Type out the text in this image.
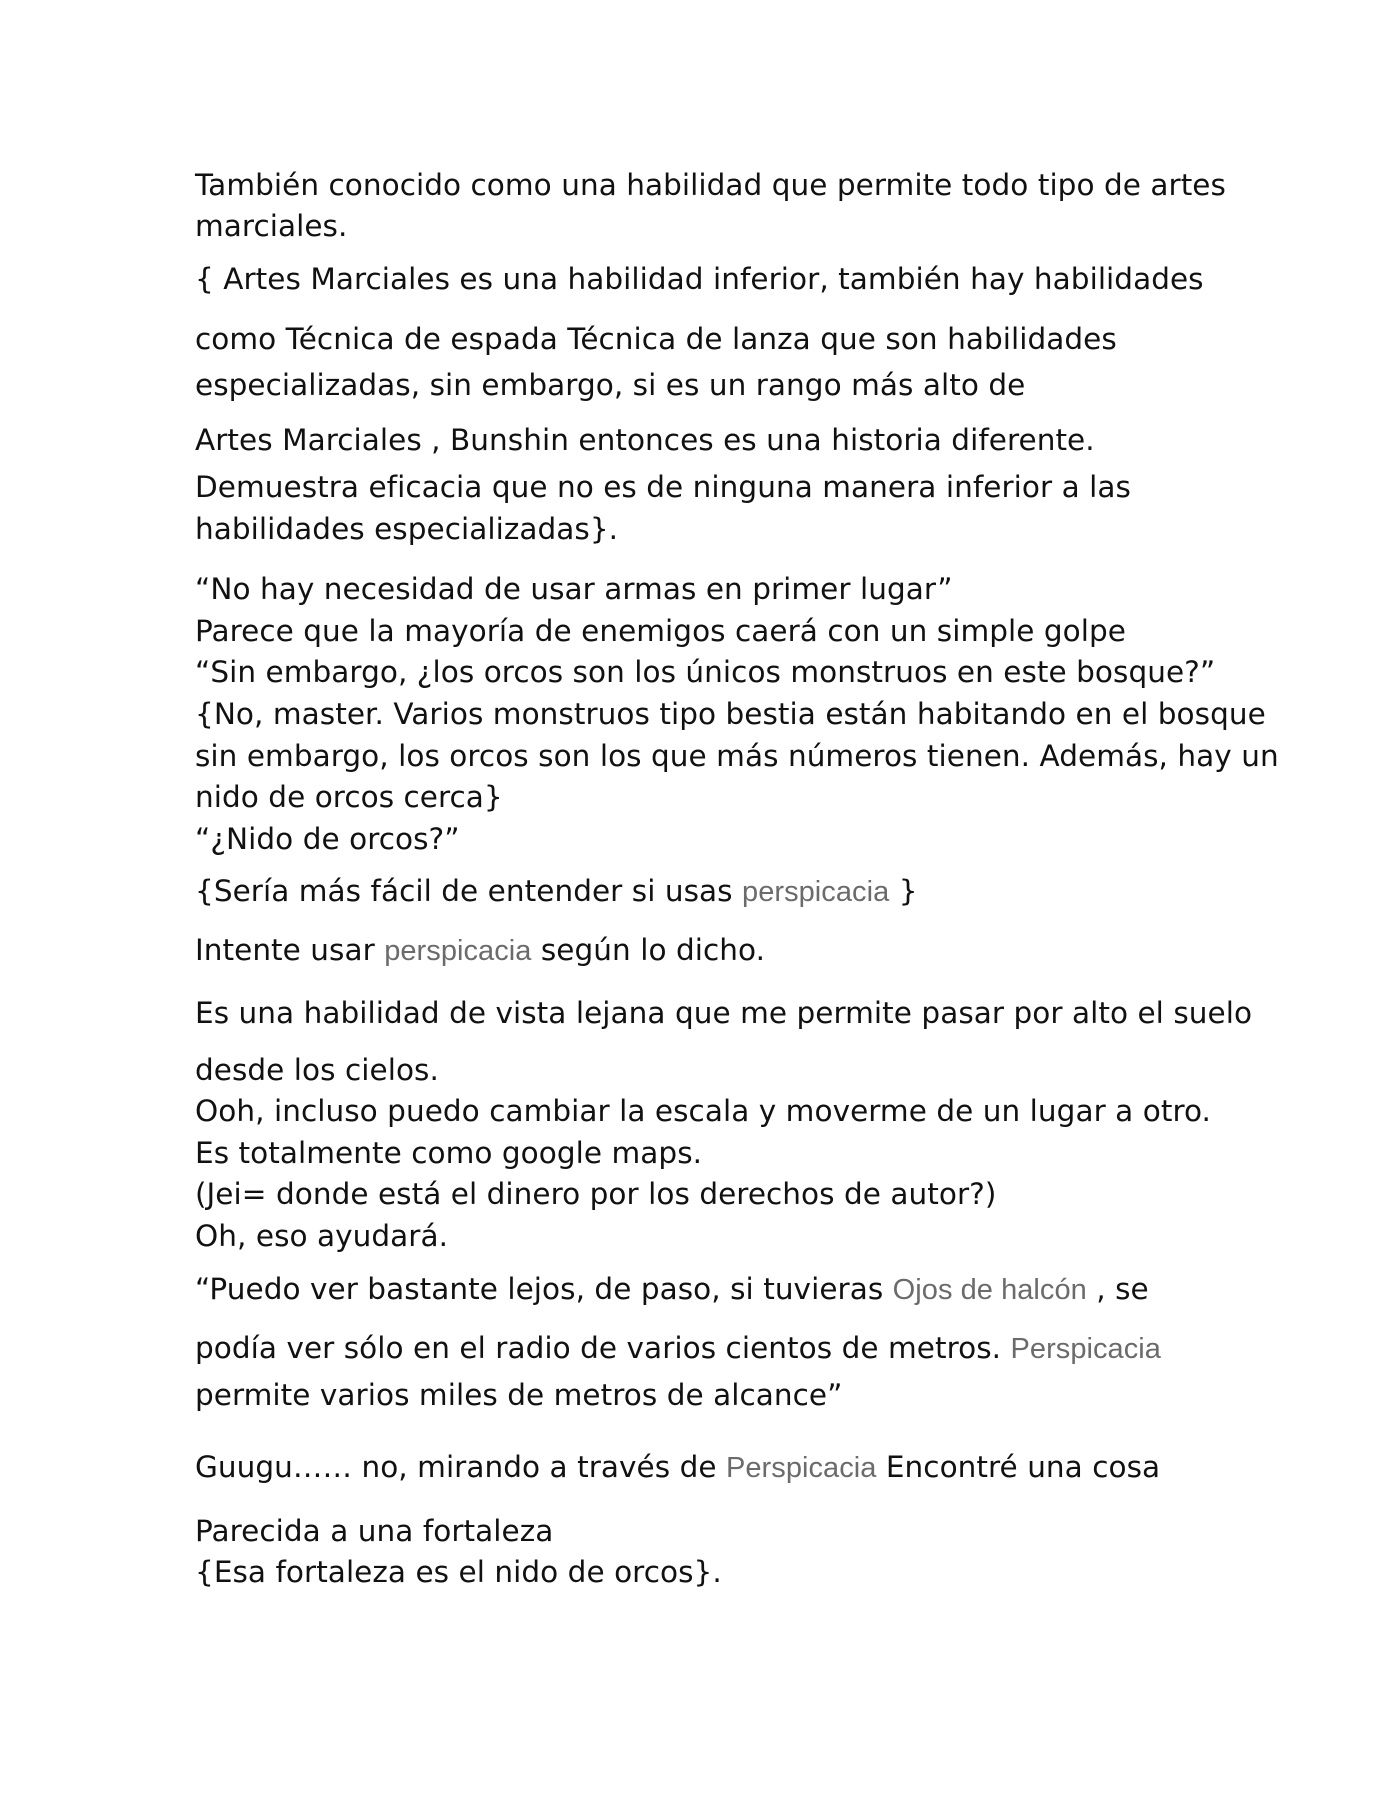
También conocido como una habilidad que permite todo tipo de artes

marciales.

{ Artes Marciales es una habilidad inferior, también hay habilidades

como Técnica de espada Técnica de lanza que son habilidades

especializadas, sin embargo, si es un rango más alto de

Artes Marciales , Bunshin entonces es una historia diferente.

Demuestra eficacia que no es de ninguna manera inferior a las

habilidades especializadas}.

“No hay necesidad de usar armas en primer lugar”

Parece que la mayoría de enemigos caerá con un simple golpe

“Sin embargo, ¿los orcos son los únicos monstruos en este bosque?”

{No, master. Varios monstruos tipo bestia están habitando en el bosque

sin embargo, los orcos son los que más números tienen. Además, hay un

nido de orcos cerca}

“¿Nido de orcos?”

{Sería más fácil de entender si usas perspicacia }

Intente usar perspicacia según lo dicho.

Es una habilidad de vista lejana que me permite pasar por alto el suelo

desde los cielos.

Ooh, incluso puedo cambiar la escala y moverme de un lugar a otro.

Es totalmente como google maps.

(Jei= donde está el dinero por los derechos de autor?)

Oh, eso ayudará.

“Puedo ver bastante lejos, de paso, si tuvieras Ojos de halcón , se

podía ver sólo en el radio de varios cientos de metros. Perspicacia

permite varios miles de metros de alcance”

Guugu…… no, mirando a través de Perspicacia Encontré una cosa

Parecida a una fortaleza

{Esa fortaleza es el nido de orcos}.
